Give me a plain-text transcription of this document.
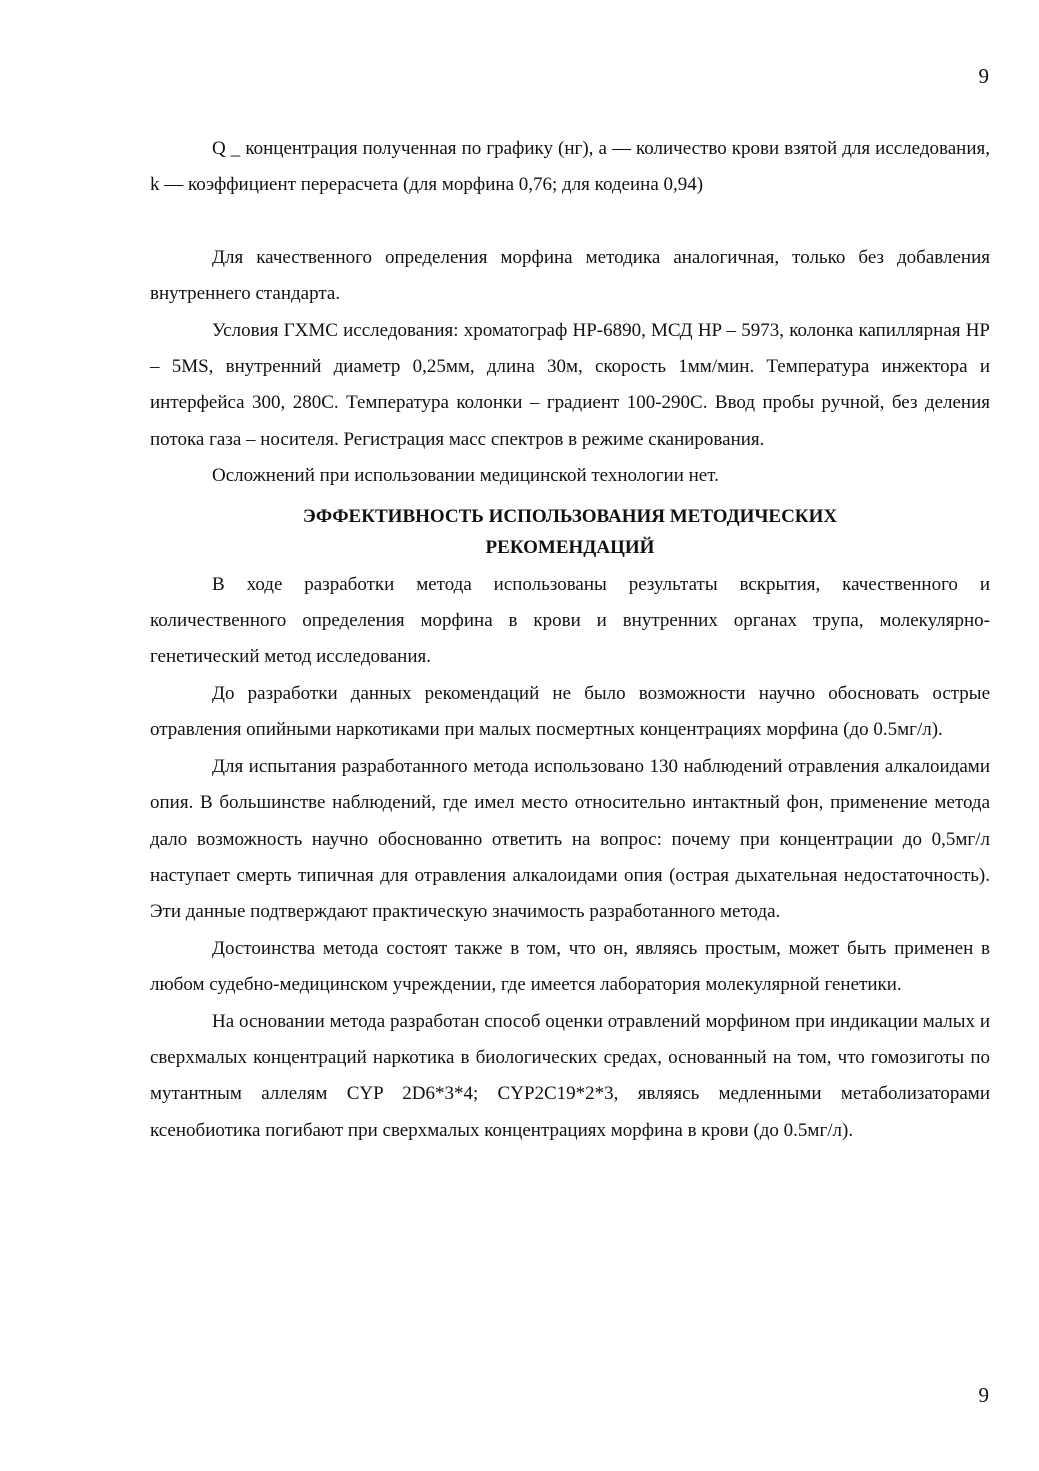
9

Q _ концентрация полученная по графику (нг), a — количество крови взятой для исследования, k — коэффициент перерасчета (для морфина 0,76; для кодеина 0,94)

Для качественного определения морфина методика аналогичная, только без добавления внутреннего стандарта.

Условия ГХМС исследования: хроматограф HP-6890, МСД HP – 5973, колонка капиллярная HP – 5MS, внутренний диаметр 0,25мм, длина 30м, скорость 1мм/мин. Температура инжектора и интерфейса 300, 280С. Температура колонки – градиент 100-290С. Ввод пробы ручной, без деления потока газа – носителя. Регистрация масс спектров в режиме сканирования.

Осложнений при использовании медицинской технологии нет.

ЭФФЕКТИВНОСТЬ ИСПОЛЬЗОВАНИЯ МЕТОДИЧЕСКИХ

РЕКОМЕНДАЦИЙ

В ходе разработки метода использованы результаты вскрытия, качественного и количественного определения морфина в крови и внутренних органах трупа, молекулярно-генетический метод исследования.

До разработки данных рекомендаций не было возможности научно обосновать острые отравления опийными наркотиками при малых посмертных концентрациях морфина (до 0.5мг/л).

Для испытания разработанного метода использовано 130 наблюдений отравления алкалоидами опия. В большинстве наблюдений, где имел место относительно интактный фон, применение метода дало возможность научно обоснованно ответить на вопрос: почему при концентрации до 0,5мг/л наступает смерть типичная для отравления алкалоидами опия (острая дыхательная недостаточность). Эти данные подтверждают практическую значимость разработанного метода.

Достоинства метода состоят также в том, что он, являясь простым, может быть применен в любом судебно-медицинском учреждении, где имеется лаборатория молекулярной генетики.

На основании метода разработан способ оценки отравлений морфином при индикации малых и сверхмалых концентраций наркотика в биологических средах, основанный на том, что гомозиготы по мутантным аллелям CYP 2D6*3*4; CYP2C19*2*3, являясь медленными метаболизаторами ксенобиотика погибают при сверхмалых концентрациях морфина в крови (до 0.5мг/л).

9
